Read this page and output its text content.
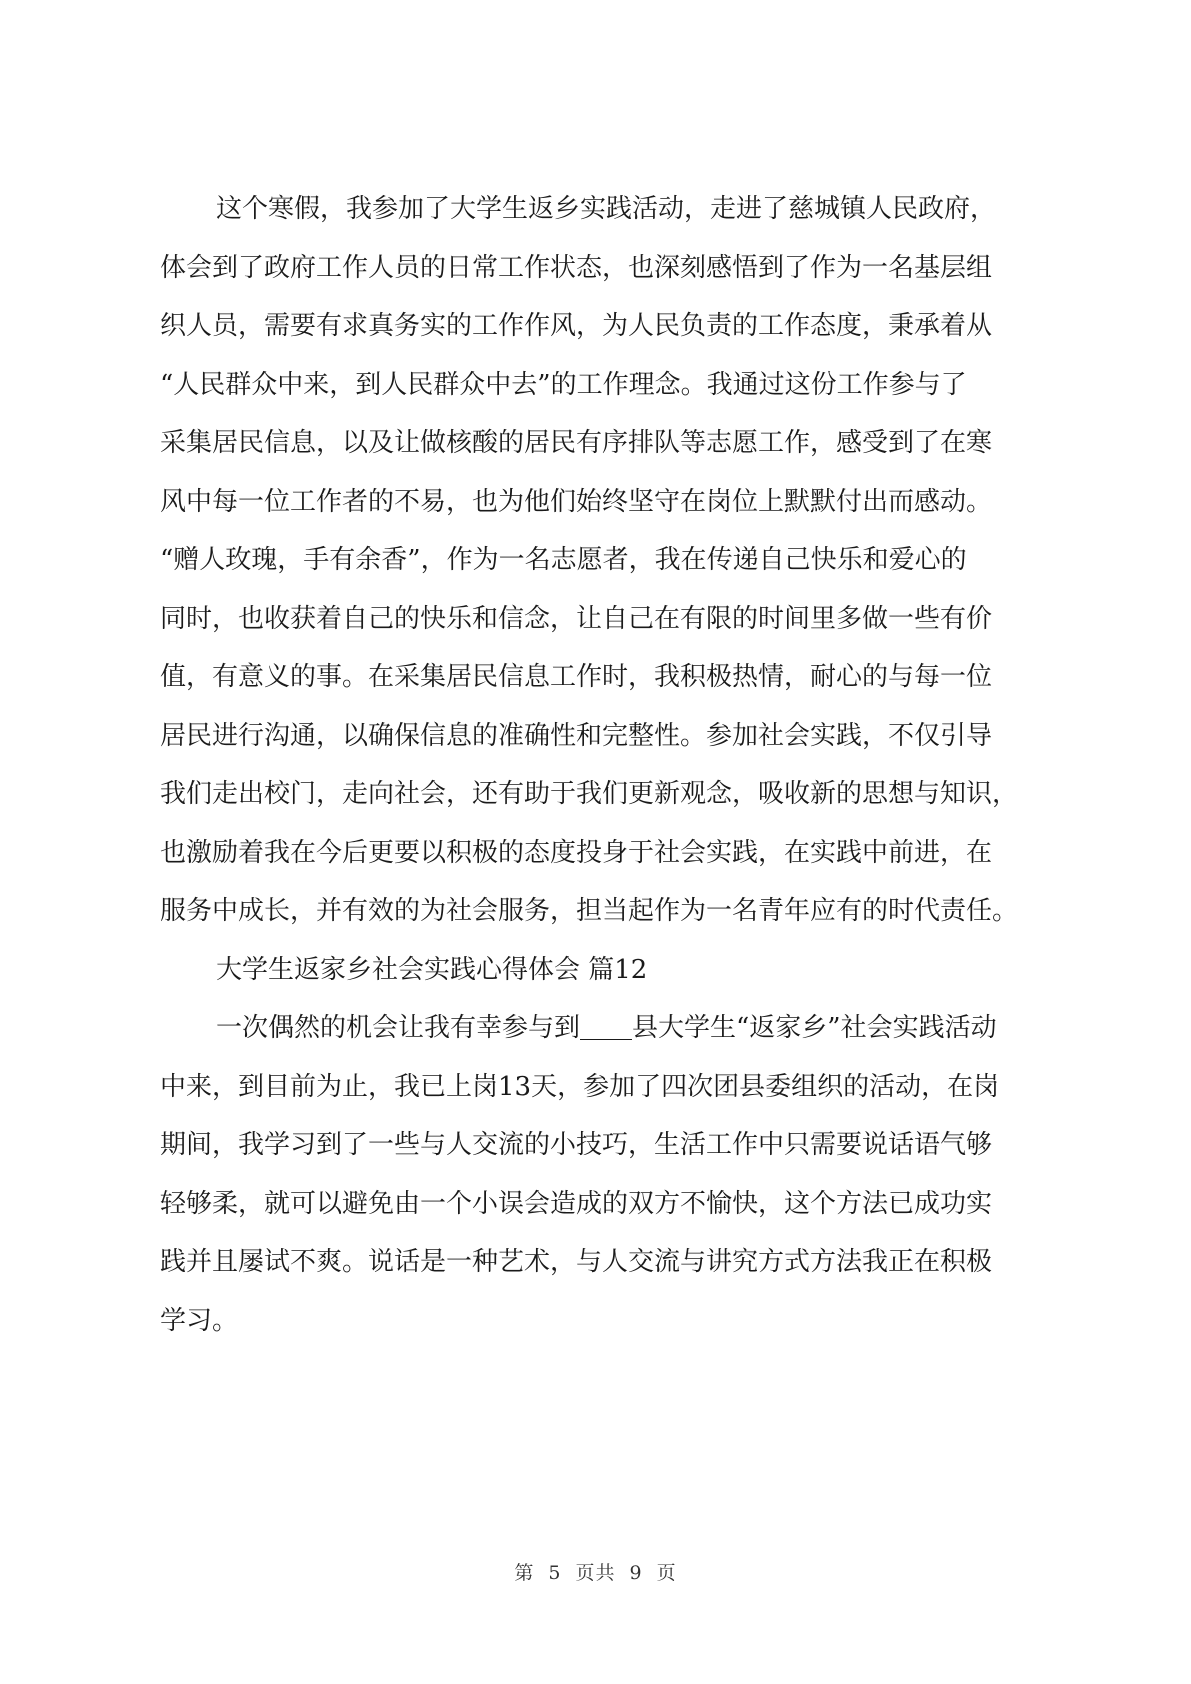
这个寒假，我参加了大学生返乡实践活动，走进了慈城镇人民政府，
体会到了政府工作人员的日常工作状态，也深刻感悟到了作为一名基层组
织人员，需要有求真务实的工作作风，为人民负责的工作态度，秉承着从
“人民群众中来，到人民群众中去”的工作理念。我通过这份工作参与了
采集居民信息，以及让做核酸的居民有序排队等志愿工作，感受到了在寒
风中每一位工作者的不易，也为他们始终坚守在岗位上默默付出而感动。
“赠人玫瑰，手有余香”，作为一名志愿者，我在传递自己快乐和爱心的
同时，也收获着自己的快乐和信念，让自己在有限的时间里多做一些有价
值，有意义的事。在采集居民信息工作时，我积极热情，耐心的与每一位
居民进行沟通，以确保信息的准确性和完整性。参加社会实践，不仅引导
我们走出校门，走向社会，还有助于我们更新观念，吸收新的思想与知识，
也激励着我在今后更要以积极的态度投身于社会实践，在实践中前进，在
服务中成长，并有效的为社会服务，担当起作为一名青年应有的时代责任。
大学生返家乡社会实践心得体会 篇12
一次偶然的机会让我有幸参与到 县大学生“返家乡”社会实践活动
中来，到目前为止，我已上岗13天，参加了四次团县委组织的活动，在岗
期间，我学习到了一些与人交流的小技巧，生活工作中只需要说话语气够
轻够柔，就可以避免由一个小误会造成的双方不愉快，这个方法已成功实
践并且屡试不爽。说话是一种艺术，与人交流与讲究方式方法我正在积极
学习。
第 5 页共 9 页
